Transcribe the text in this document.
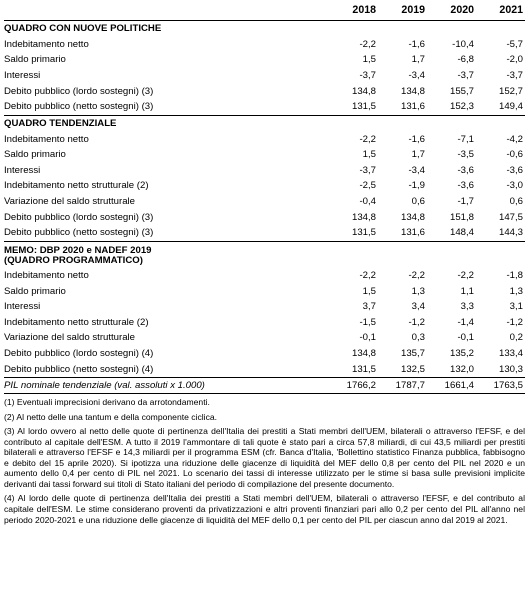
	2018	2019	2020	2021
QUADRO CON NUOVE POLITICHE				
Indebitamento netto	-2,2	-1,6	-10,4	-5,7
Saldo primario	1,5	1,7	-6,8	-2,0
Interessi	-3,7	-3,4	-3,7	-3,7
Debito pubblico (lordo sostegni) (3)	134,8	134,8	155,7	152,7
Debito pubblico (netto sostegni) (3)	131,5	131,6	152,3	149,4
QUADRO TENDENZIALE				
Indebitamento netto	-2,2	-1,6	-7,1	-4,2
Saldo primario	1,5	1,7	-3,5	-0,6
Interessi	-3,7	-3,4	-3,6	-3,6
Indebitamento netto strutturale (2)	-2,5	-1,9	-3,6	-3,0
Variazione del saldo strutturale	-0,4	0,6	-1,7	0,6
Debito pubblico (lordo sostegni) (3)	134,8	134,8	151,8	147,5
Debito pubblico (netto sostegni) (3)	131,5	131,6	148,4	144,3
MEMO: DBP 2020 e NADEF 2019				
(QUADRO PROGRAMMATICO)				
Indebitamento netto	-2,2	-2,2	-2,2	-1,8
Saldo primario	1,5	1,3	1,1	1,3
Interessi	3,7	3,4	3,3	3,1
Indebitamento netto strutturale (2)	-1,5	-1,2	-1,4	-1,2
Variazione del saldo strutturale	-0,1	0,3	-0,1	0,2
Debito pubblico (lordo sostegni) (4)	134,8	135,7	135,2	133,4
Debito pubblico (netto sostegni) (4)	131,5	132,5	132,0	130,3
PIL nominale tendenziale (val. assoluti x 1.000)	1766,2	1787,7	1661,4	1763,5

(1) Eventuali imprecisioni derivano da arrotondamenti.

(2) Al netto delle una tantum e della componente ciclica.

(3) Al lordo ovvero al netto delle quote di pertinenza dell'Italia dei prestiti a Stati membri dell'UEM, bilaterali o attraverso l'EFSF, e del contributo al capitale dell'ESM. A tutto il 2019 l'ammontare di tali quote è stato pari a circa 57,8 miliardi, di cui 43,5 miliardi per prestiti bilaterali e attraverso l'EFSF e 14,3 miliardi per il programma ESM (cfr. Banca d'Italia, 'Bollettino statistico Finanza pubblica, fabbisogno e debito del 15 aprile 2020). Si ipotizza una riduzione delle giacenze di liquidità del MEF dello 0,8 per cento del PIL nel 2020 e un aumento dello 0,4 per cento di PIL nel 2021. Lo scenario dei tassi di interesse utilizzato per le stime si basa sulle previsioni implicite derivanti dai tassi forward sui titoli di Stato italiani del periodo di compilazione del presente documento.

(4) Al lordo delle quote di pertinenza dell'Italia dei prestiti a Stati membri dell'UEM, bilaterali o attraverso l'EFSF, e del contributo al capitale dell'ESM. Le stime considerano proventi da privatizzazioni e altri proventi finanziari pari allo 0,2 per cento del PIL all'anno nel periodo 2020-2021 e una riduzione delle giacenze di liquidità del MEF dello 0,1 per cento del PIL per ciascun anno dal 2019 al 2021.
